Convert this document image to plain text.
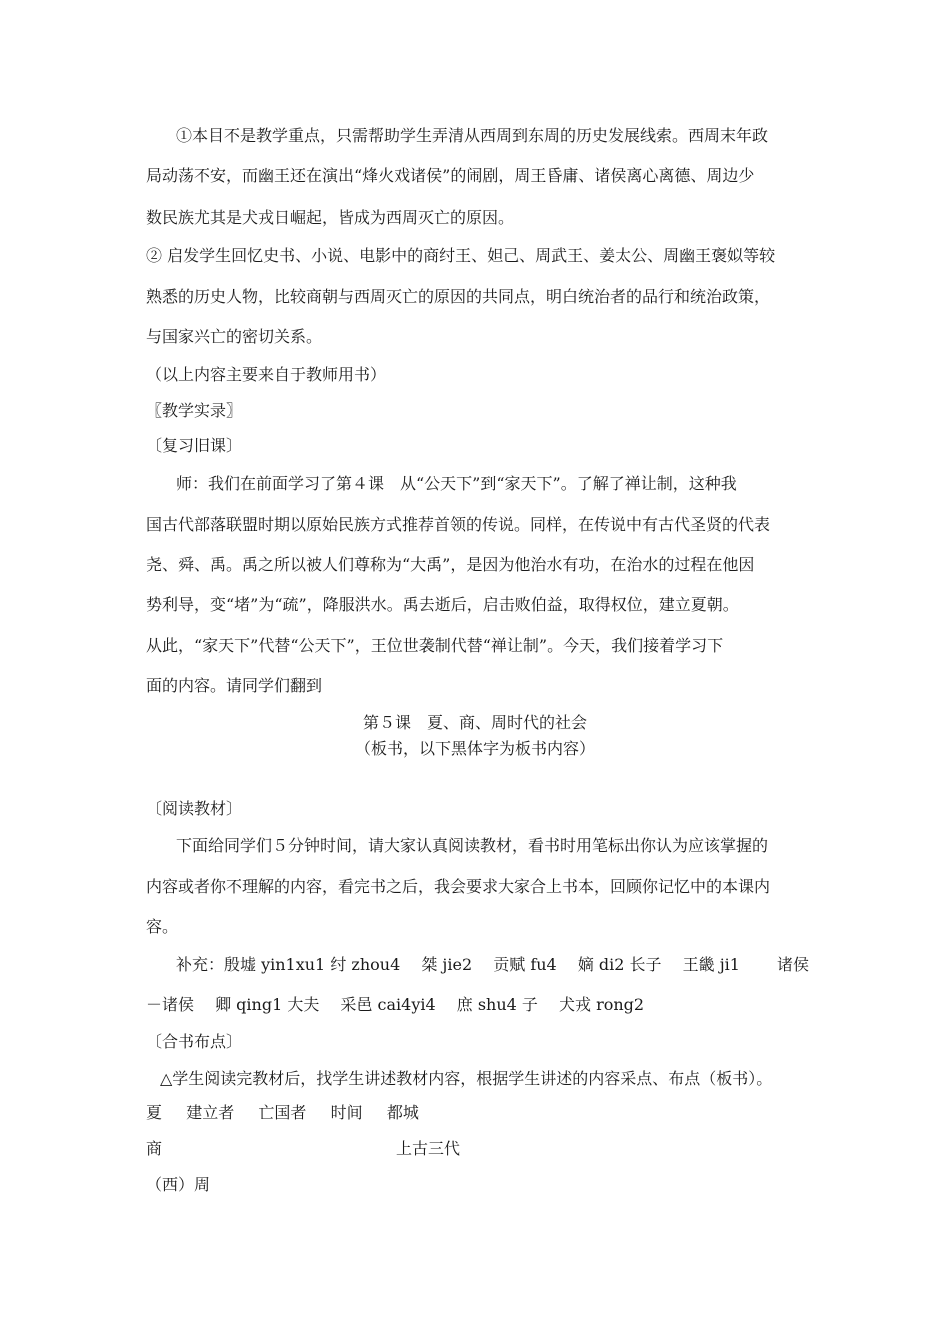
①本目不是教学重点，只需帮助学生弄清从西周到东周的历史发展线索。西周末年政
局动荡不安，而幽王还在演出“烽火戏诸侯”的闹剧，周王昏庸、诸侯离心离德、周边少
数民族尤其是犬戎日崛起，皆成为西周灭亡的原因。
② 启发学生回忆史书、小说、电影中的商纣王、妲己、周武王、姜太公、周幽王褒姒等较
熟悉的历史人物，比较商朝与西周灭亡的原因的共同点，明白统治者的品行和统治政策，
与国家兴亡的密切关系。
（以上内容主要来自于教师用书）
〖教学实录〗
〔复习旧课〕
师：我们在前面学习了第４课　从“公天下”到“家天下”。了解了禅让制，这种我
国古代部落联盟时期以原始民族方式推荐首领的传说。同样，在传说中有古代圣贤的代表
尧、舜、禹。禹之所以被人们尊称为“大禹”，是因为他治水有功，在治水的过程在他因
势利导，变“堵”为“疏”，降服洪水。禹去逝后，启击败伯益，取得权位，建立夏朝。
从此，“家天下”代替“公天下”，王位世袭制代替“禅让制”。今天，我们接着学习下
面的内容。请同学们翻到
第５课　夏、商、周时代的社会
（板书，以下黑体字为板书内容）
〔阅读教材〕
下面给同学们５分钟时间，请大家认真阅读教材，看书时用笔标出你认为应该掌握的
内容或者你不理解的内容，看完书之后，我会要求大家合上书本，回顾你记忆中的本课内
容。
补充：殷墟 yin1xu1 纣 zhou4　 桀 jie2　 贡赋 fu4　 嫡 di2 长子　 王畿 ji1　　 诸侯
－诸侯　 卿 qing1 大夫　 采邑 cai4yi4　 庶 shu4 子　 犬戎 rong2
〔合书布点〕
△学生阅读完教材后，找学生讲述教材内容，根据学生讲述的内容采点、布点（板书）。
夏 建立者 亡国者 时间 都城
商	上古三代
（西）周
